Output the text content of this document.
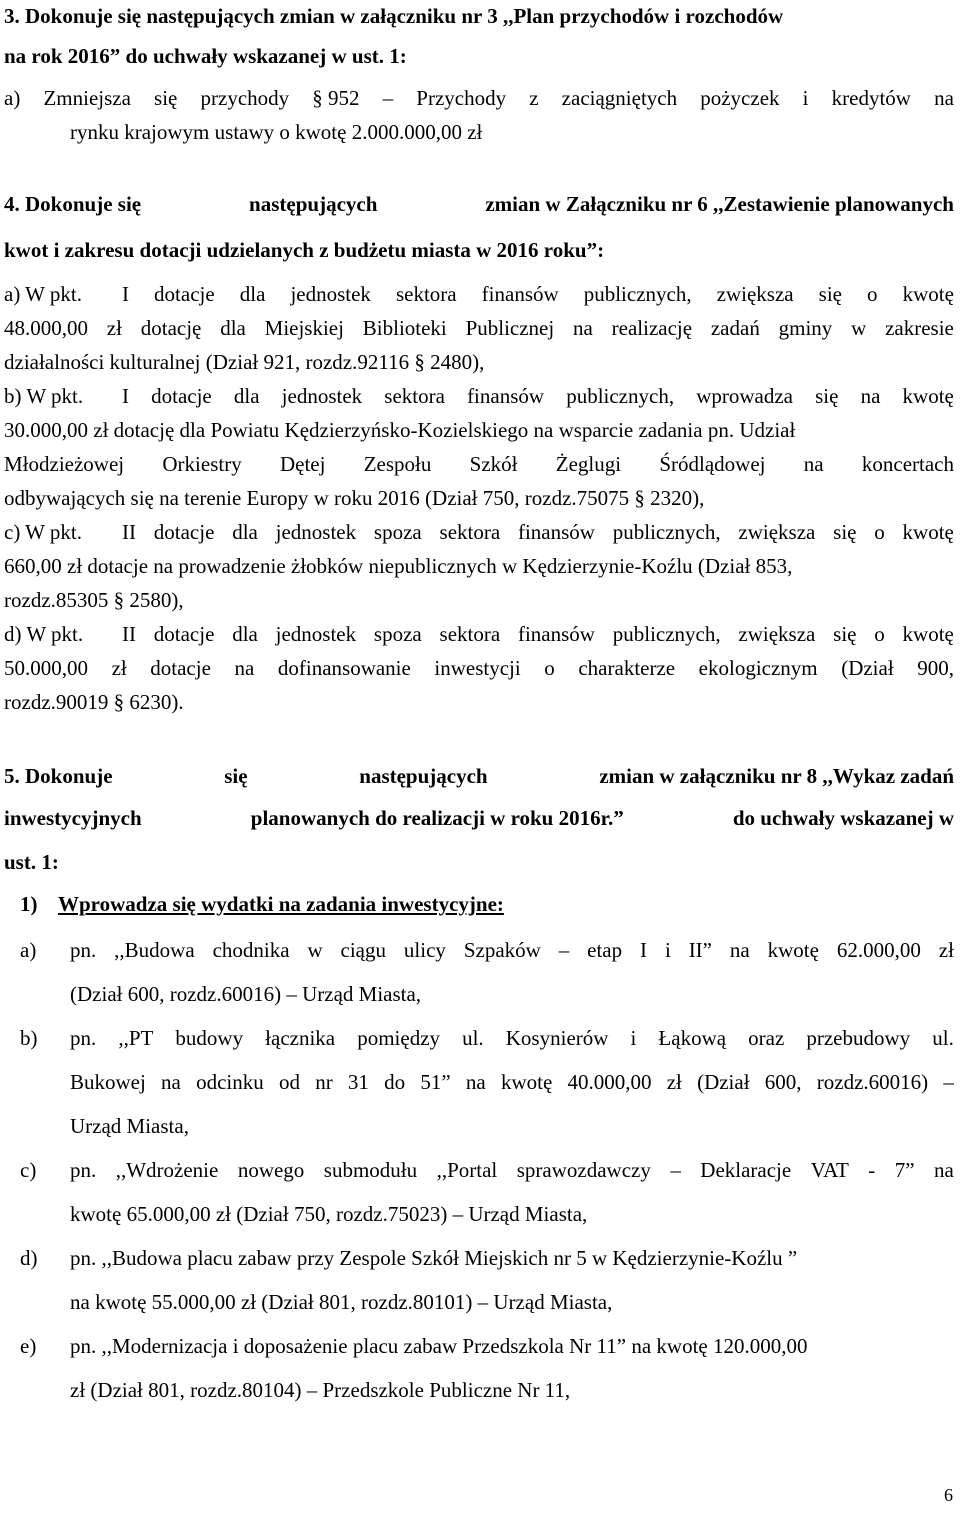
3. Dokonuje się następujących zmian w załączniku nr 3 ,,Plan przychodów i rozchodów
na rok 2016” do uchwały wskazanej w ust. 1:
a) Zmniejsza się przychody § 952 – Przychody z zaciągniętych pożyczek i kredytów na
rynku krajowym ustawy o kwotę 2.000.000,00 zł
4. Dokonuje się	następujących	zmian w Załączniku nr 6 ,,Zestawienie planowanych
kwot i zakresu dotacji udzielanych z budżetu miasta w 2016 roku”:
a) W pkt. I dotacje dla jednostek sektora finansów publicznych, zwiększa się o kwotę
48.000,00 zł dotację dla Miejskiej Biblioteki Publicznej na realizację zadań gminy w zakresie
działalności kulturalnej (Dział 921, rozdz.92116 § 2480),
b) W pkt. I dotacje dla jednostek sektora finansów publicznych, wprowadza się na kwotę
30.000,00 zł dotację dla Powiatu Kędzierzyńsko-Kozielskiego na wsparcie zadania pn. Udział
Młodzieżowej Orkiestry Dętej Zespołu Szkół Żeglugi Śródlądowej na koncertach
odbywających się na terenie Europy w roku 2016 (Dział 750, rozdz.75075 § 2320),
c) W pkt. II dotacje dla jednostek spoza sektora finansów publicznych, zwiększa się o kwotę
660,00 zł dotacje na prowadzenie żłobków niepublicznych w Kędzierzynie-Koźlu (Dział 853,
rozdz.85305 § 2580),
d) W pkt. II dotacje dla jednostek spoza sektora finansów publicznych, zwiększa się o kwotę
50.000,00 zł dotacje na dofinansowanie inwestycji o charakterze ekologicznym (Dział 900,
rozdz.90019 § 6230).
5. Dokonuje	się	następujących	zmian w załączniku nr 8 ,,Wykaz zadań
inwestycyjnych	planowanych do realizacji w roku 2016r.”	do uchwały wskazanej w
ust. 1:
1) Wprowadza się wydatki na zadania inwestycyjne:
a) pn. ,,Budowa chodnika w ciągu ulicy Szpaków – etap I i II” na kwotę 62.000,00 zł
(Dział 600, rozdz.60016) – Urząd Miasta,
b) pn. ,,PT budowy łącznika pomiędzy ul. Kosynierów i Łąkową oraz przebudowy ul.
Bukowej na odcinku od nr 31 do 51” na kwotę 40.000,00 zł (Dział 600, rozdz.60016) –
Urząd Miasta,
c) pn. ,,Wdrożenie nowego submodułu ,,Portal sprawozdawczy – Deklaracje VAT - 7” na
kwotę 65.000,00 zł (Dział 750, rozdz.75023) – Urząd Miasta,
d) pn. ,,Budowa placu zabaw przy Zespole Szkół Miejskich nr 5 w Kędzierzynie-Koźlu ”
na kwotę 55.000,00 zł (Dział 801, rozdz.80101) – Urząd Miasta,
e) pn. ,,Modernizacja i doposażenie placu zabaw Przedszkola Nr 11” na kwotę 120.000,00
zł (Dział 801, rozdz.80104) – Przedszkole Publiczne Nr 11,
6
